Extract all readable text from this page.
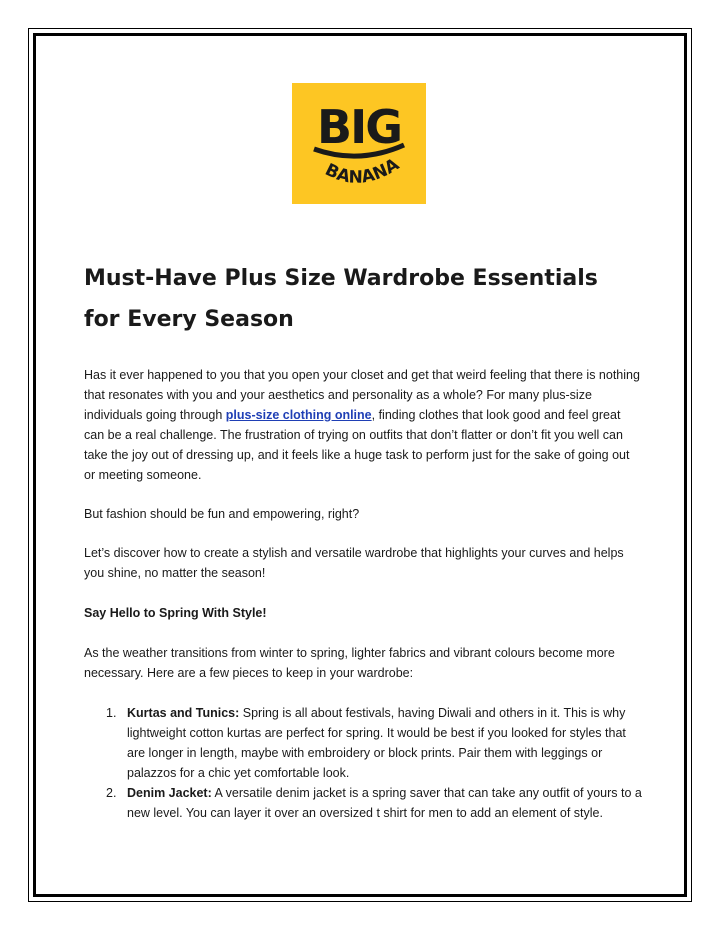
BIG
BANANA
Must-Have Plus Size Wardrobe Essentials
for Every Season

Has it ever happened to you that you open your closet and get that weird feeling that there is nothing that resonates with you and your aesthetics and personality as a whole? For many plus-size individuals going through plus-size clothing online, finding clothes that look good and feel great can be a real challenge. The frustration of trying on outfits that don’t flatter or don’t fit you well can take the joy out of dressing up, and it feels like a huge task to perform just for the sake of going out or meeting someone.

But fashion should be fun and empowering, right?

Let’s discover how to create a stylish and versatile wardrobe that highlights your curves and helps you shine, no matter the season!

Say Hello to Spring With Style!

As the weather transitions from winter to spring, lighter fabrics and vibrant colours become more necessary. Here are a few pieces to keep in your wardrobe:

1. Kurtas and Tunics: Spring is all about festivals, having Diwali and others in it. This is why lightweight cotton kurtas are perfect for spring. It would be best if you looked for styles that are longer in length, maybe with embroidery or block prints. Pair them with leggings or palazzos for a chic yet comfortable look.
2. Denim Jacket: A versatile denim jacket is a spring saver that can take any outfit of yours to a new level. You can layer it over an oversized t shirt for men to add an element of style.
